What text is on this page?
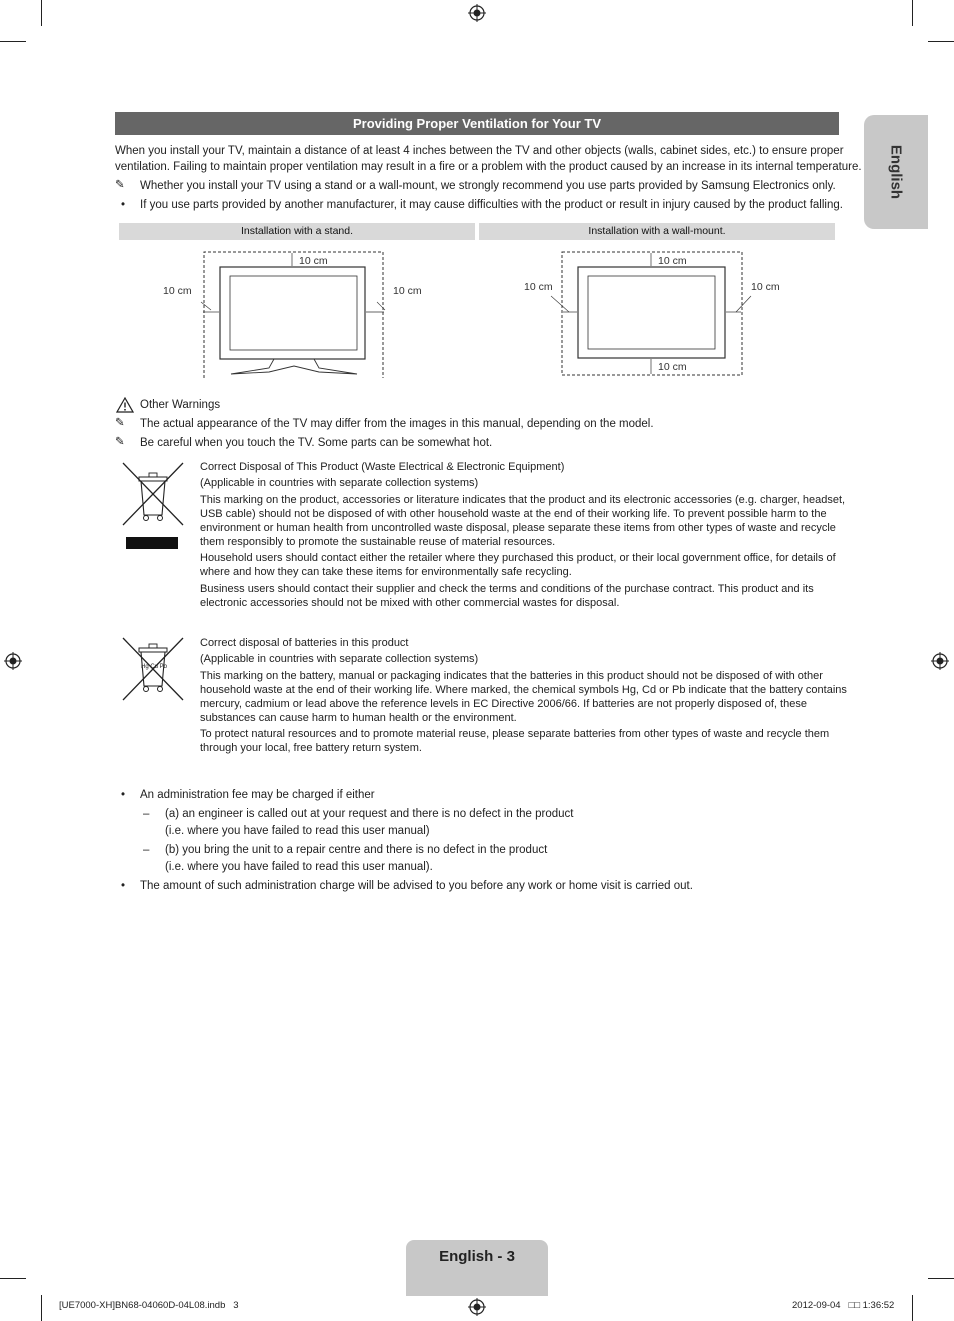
Providing Proper Ventilation for Your TV
English
When you install your TV, maintain a distance of at least 4 inches between the TV and other objects (walls, cabinet sides, etc.) to ensure proper
ventilation. Failing to maintain proper ventilation may result in a fire or a problem with the product caused by an increase in its internal temperature.
✎ Whether you install your TV using a stand or a wall-mount, we strongly recommend you use parts provided by Samsung Electronics only.
• If you use parts provided by another manufacturer, it may cause difficulties with the product or result in injury caused by the product falling.
Installation with a stand.	Installation with a wall-mount.
10 cm
10 cm	10 cm
10 cm
10 cm	10 cm
10 cm
Other Warnings
✎ The actual appearance of the TV may differ from the images in this manual, depending on the model.
✎ Be careful when you touch the TV. Some parts can be somewhat hot.
Correct Disposal of This Product (Waste Electrical & Electronic Equipment)
(Applicable in countries with separate collection systems)
This marking on the product, accessories or literature indicates that the product and its electronic accessories (e.g. charger, headset,
USB cable) should not be disposed of with other household waste at the end of their working life. To prevent possible harm to the
environment or human health from uncontrolled waste disposal, please separate these items from other types of waste and recycle
them responsibly to promote the sustainable reuse of material resources.
Household users should contact either the retailer where they purchased this product, or their local government office, for details of
where and how they can take these items for environmentally safe recycling.
Business users should contact their supplier and check the terms and conditions of the purchase contract. This product and its
electronic accessories should not be mixed with other commercial wastes for disposal.
Hg Cd Pb
Correct disposal of batteries in this product
(Applicable in countries with separate collection systems)
This marking on the battery, manual or packaging indicates that the batteries in this product should not be disposed of with other
household waste at the end of their working life. Where marked, the chemical symbols Hg, Cd or Pb indicate that the battery contains
mercury, cadmium or lead above the reference levels in EC Directive 2006/66. If batteries are not properly disposed of, these
substances can cause harm to human health or the environment.
To protect natural resources and to promote material reuse, please separate batteries from other types of waste and recycle them
through your local, free battery return system.
• An administration fee may be charged if either
– (a) an engineer is called out at your request and there is no defect in the product
(i.e. where you have failed to read this user manual)
– (b) you bring the unit to a repair centre and there is no defect in the product
(i.e. where you have failed to read this user manual).
• The amount of such administration charge will be advised to you before any work or home visit is carried out.
English - 3
[UE7000-XH]BN68-04060D-04L08.indb   3	2012-09-04   □□ 1:36:52
